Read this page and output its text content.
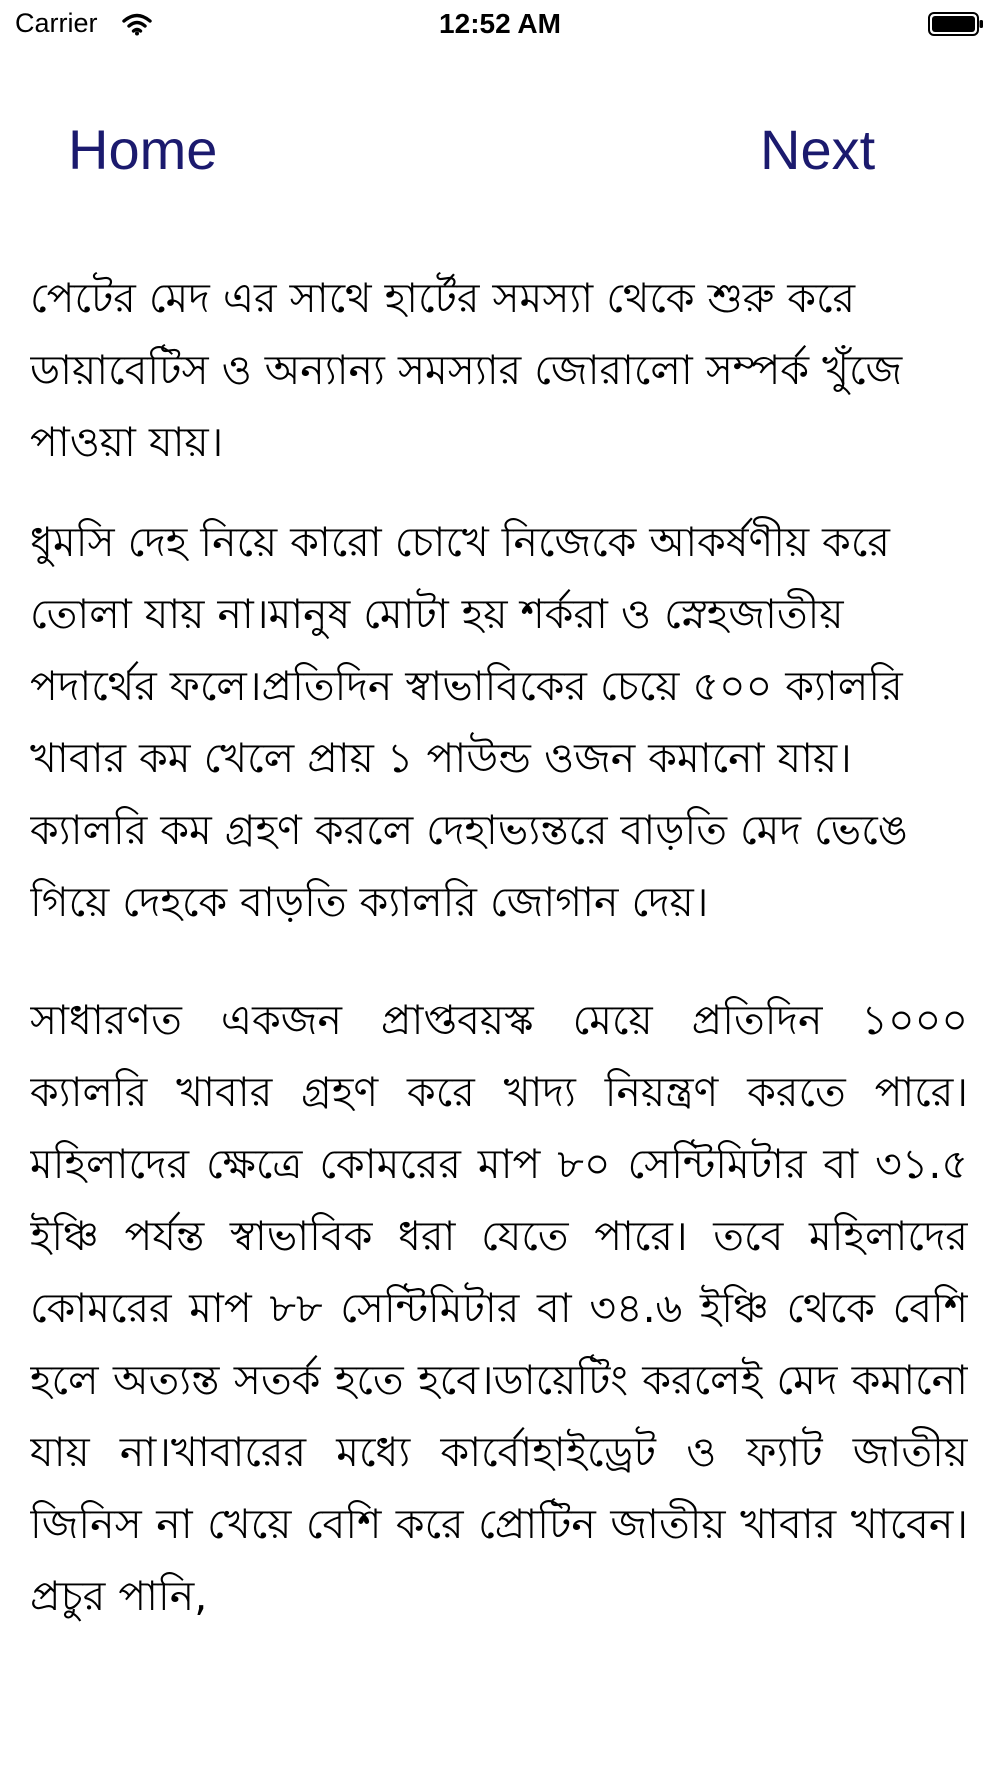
Carrier	12:52 AM
Home	Next

পেটের মেদ এর সাথে হার্টের সমস্যা থেকে শুরু করে ডায়াবেটিস ও অন্যান্য সমস্যার জোরালো সম্পর্ক খুঁজে পাওয়া যায়।

ধুমসি দেহ নিয়ে কারো চোখে নিজেকে আকর্ষণীয় করে তোলা যায় না।মানুষ মোটা হয় শর্করা ও স্নেহজাতীয় পদার্থের ফলে।প্রতিদিন স্বাভাবিকের চেয়ে ৫০০ ক্যালরি খাবার কম খেলে প্রায় ১ পাউন্ড ওজন কমানো যায়।ক্যালরি কম গ্রহণ করলে দেহাভ্যন্তরে বাড়তি মেদ ভেঙে গিয়ে দেহকে বাড়তি ক্যালরি জোগান দেয়।

সাধারণত একজন প্রাপ্তবয়স্ক মেয়ে প্রতিদিন ১০০০ ক্যালরি খাবার গ্রহণ করে খাদ্য নিয়ন্ত্রণ করতে পারে। মহিলাদের ক্ষেত্রে কোমরের মাপ ৮০ সেন্টিমিটার বা ৩১.৫ ইঞ্চি পর্যন্ত স্বাভাবিক ধরা যেতে পারে। তবে মহিলাদের কোমরের মাপ ৮৮ সেন্টিমিটার বা ৩৪.৬ ইঞ্চি থেকে বেশি হলে অত্যন্ত সতর্ক হতে হবে।ডায়েটিং করলেই মেদ কমানো যায় না।খাবারের মধ্যে কার্বোহাইড্রেট ও ফ্যাট জাতীয় জিনিস না খেয়ে বেশি করে প্রোটিন জাতীয় খাবার খাবেন। প্রচুর পানি,
